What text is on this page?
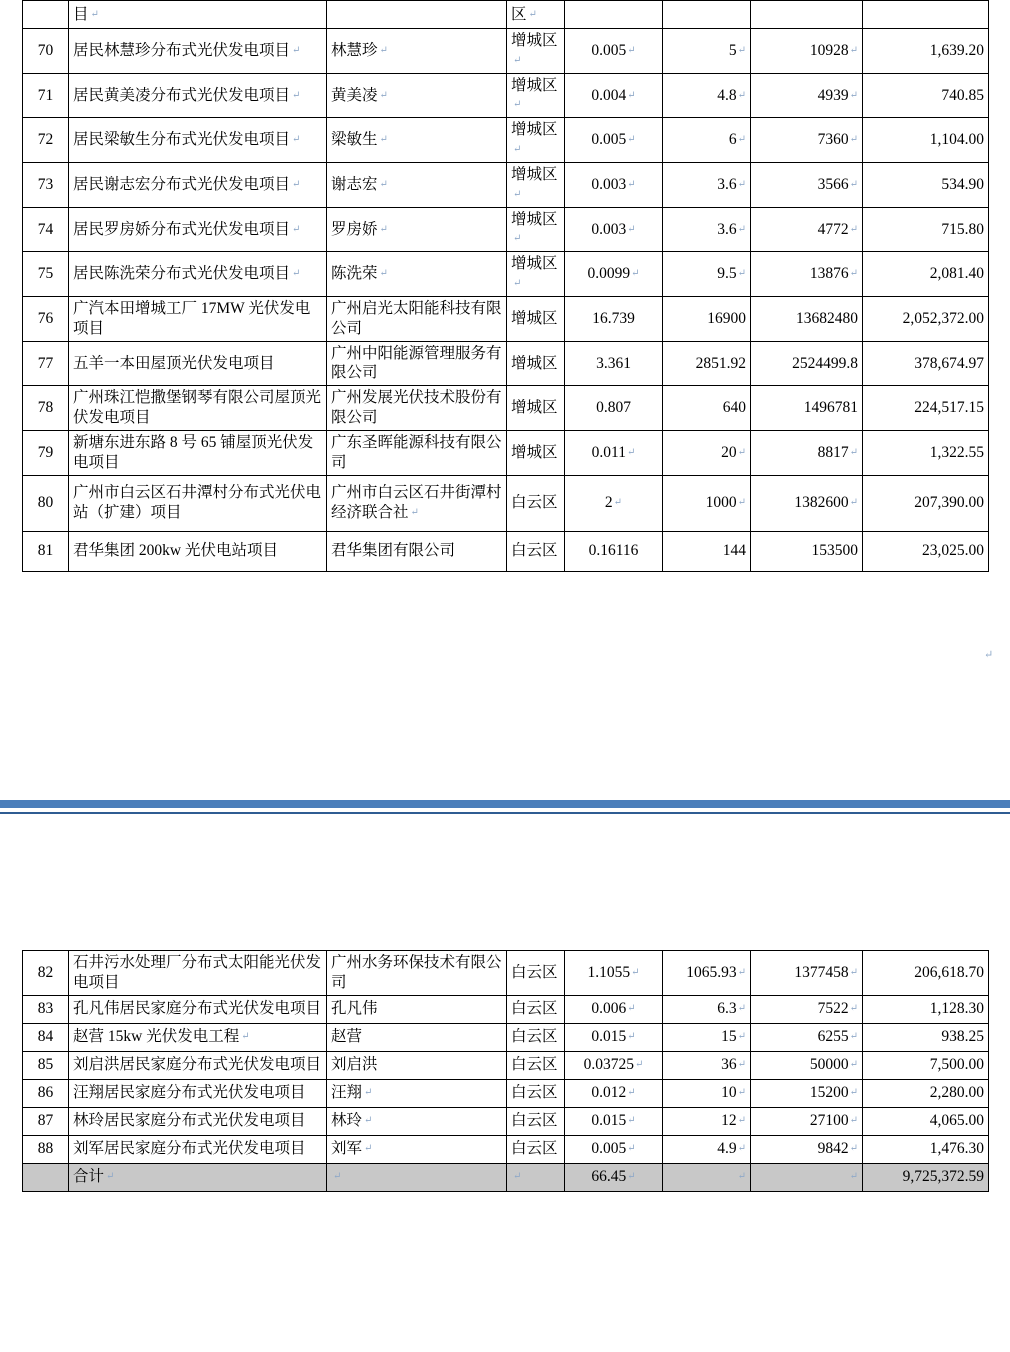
	目 ↵		区 ↵				
70	居民林慧珍分布式光伏发电项目 ↵	林慧珍 ↵	增城区 ↵	0.005 ↵	5 ↵	10928 ↵	1,639.20
71	居民黄美凌分布式光伏发电项目 ↵	黄美凌 ↵	增城区 ↵	0.004 ↵	4.8 ↵	4939 ↵	740.85
72	居民梁敏生分布式光伏发电项目 ↵	梁敏生 ↵	增城区 ↵	0.005 ↵	6 ↵	7360 ↵	1,104.00
73	居民谢志宏分布式光伏发电项目 ↵	谢志宏 ↵	增城区 ↵	0.003 ↵	3.6 ↵	3566 ↵	534.90
74	居民罗房娇分布式光伏发电项目 ↵	罗房娇 ↵	增城区 ↵	0.003 ↵	3.6 ↵	4772 ↵	715.80
75	居民陈洗荣分布式光伏发电项目 ↵	陈洗荣 ↵	增城区 ↵	0.0099 ↵	9.5 ↵	13876 ↵	2,081.40
76	广汽本田增城工厂 17MW 光伏发电项目	广州启光太阳能科技有限公司	增城区	16.739	16900	13682480	2,052,372.00
77	五羊一本田屋顶光伏发电项目	广州中阳能源管理服务有限公司	增城区	3.361	2851.92	2524499.8	378,674.97
78	广州珠江恺撒堡钢琴有限公司屋顶光伏发电项目	广州发展光伏技术股份有限公司	增城区	0.807	640	1496781	224,517.15
79	新塘东进东路 8 号 65 铺屋顶光伏发电项目	广东圣晖能源科技有限公司	增城区	0.011 ↵	20 ↵	8817 ↵	1,322.55
80	广州市白云区石井潭村分布式光伏电站（扩建）项目	广州市白云区石井街潭村经济联合社 ↵	白云区	2 ↵	1000 ↵	1382600 ↵	207,390.00
81	君华集团 200kw 光伏电站项目	君华集团有限公司	白云区	0.16116	144	153500	23,025.00
↵
82	石井污水处理厂分布式太阳能光伏发电项目	广州水务环保技术有限公司	白云区	1.1055 ↵	1065.93 ↵	1377458 ↵	206,618.70
83	孔凡伟居民家庭分布式光伏发电项目	孔凡伟	白云区	0.006 ↵	6.3 ↵	7522 ↵	1,128.30
84	赵营 15kw 光伏发电工程 ↵	赵营	白云区	0.015 ↵	15 ↵	6255 ↵	938.25
85	刘启洪居民家庭分布式光伏发电项目	刘启洪	白云区	0.03725 ↵	36 ↵	50000 ↵	7,500.00
86	汪翔居民家庭分布式光伏发电项目	汪翔 ↵	白云区	0.012 ↵	10 ↵	15200 ↵	2,280.00
87	林玲居民家庭分布式光伏发电项目	林玲 ↵	白云区	0.015 ↵	12 ↵	27100 ↵	4,065.00
88	刘军居民家庭分布式光伏发电项目	刘军 ↵	白云区	0.005 ↵	4.9 ↵	9842 ↵	1,476.30
	合计 ↵	↵	↵	66.45 ↵	↵	↵	9,725,372.59
